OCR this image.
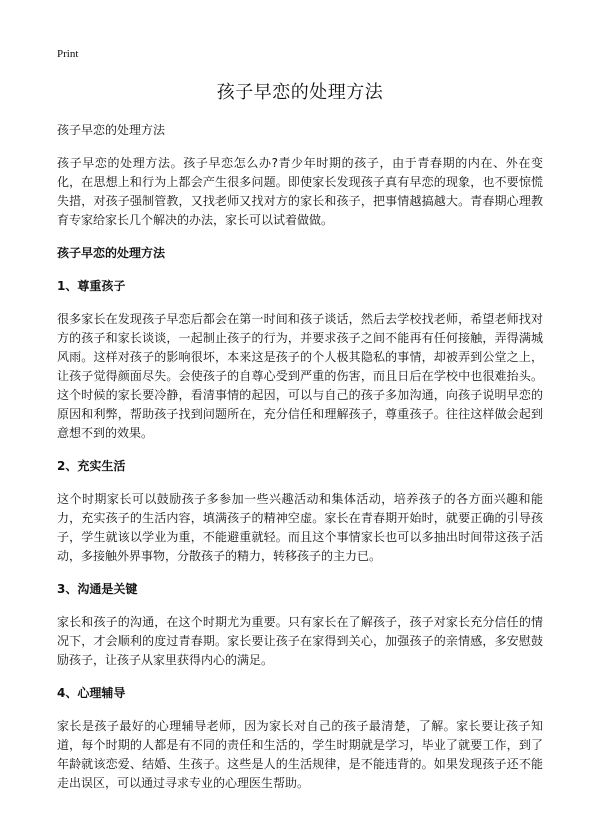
Print
孩子早恋的处理方法

孩子早恋的处理方法

孩子早恋的处理方法。孩子早恋怎么办?青少年时期的孩子，由于青春期的内在、外在变化，在思想上和行为上都会产生很多问题。即使家长发现孩子真有早恋的现象，也不要惊慌失措，对孩子强制管教，又找老师又找对方的家长和孩子，把事情越搞越大。青春期心理教育专家给家长几个解决的办法，家长可以试着做做。

孩子早恋的处理方法

1、尊重孩子

很多家长在发现孩子早恋后都会在第一时间和孩子谈话，然后去学校找老师，希望老师找对方的孩子和家长谈谈，一起制止孩子的行为，并要求孩子之间不能再有任何接触，弄得满城风雨。这样对孩子的影响很坏，本来这是孩子的个人极其隐私的事情，却被弄到公堂之上，让孩子觉得颜面尽失。会使孩子的自尊心受到严重的伤害，而且日后在学校中也很难抬头。这个时候的家长要冷静，看清事情的起因，可以与自己的孩子多加沟通，向孩子说明早恋的原因和利弊，帮助孩子找到问题所在，充分信任和理解孩子，尊重孩子。往往这样做会起到意想不到的效果。

2、充实生活

这个时期家长可以鼓励孩子多参加一些兴趣活动和集体活动，培养孩子的各方面兴趣和能力，充实孩子的生活内容，填满孩子的精神空虚。家长在青春期开始时，就要正确的引导孩子，学生就该以学业为重，不能避重就轻。而且这个事情家长也可以多抽出时间带这孩子活动，多接触外界事物，分散孩子的精力，转移孩子的主力已。

3、沟通是关键

家长和孩子的沟通，在这个时期尤为重要。只有家长在了解孩子，孩子对家长充分信任的情况下，才会顺利的度过青春期。家长要让孩子在家得到关心，加强孩子的亲情感，多安慰鼓励孩子，让孩子从家里获得内心的满足。

4、心理辅导

家长是孩子最好的心理辅导老师，因为家长对自己的孩子最清楚，了解。家长要让孩子知道，每个时期的人都是有不同的责任和生活的，学生时期就是学习，毕业了就要工作，到了年龄就该恋爱、结婚、生孩子。这些是人的生活规律，是不能违背的。如果发现孩子还不能走出误区，可以通过寻求专业的心理医生帮助。
